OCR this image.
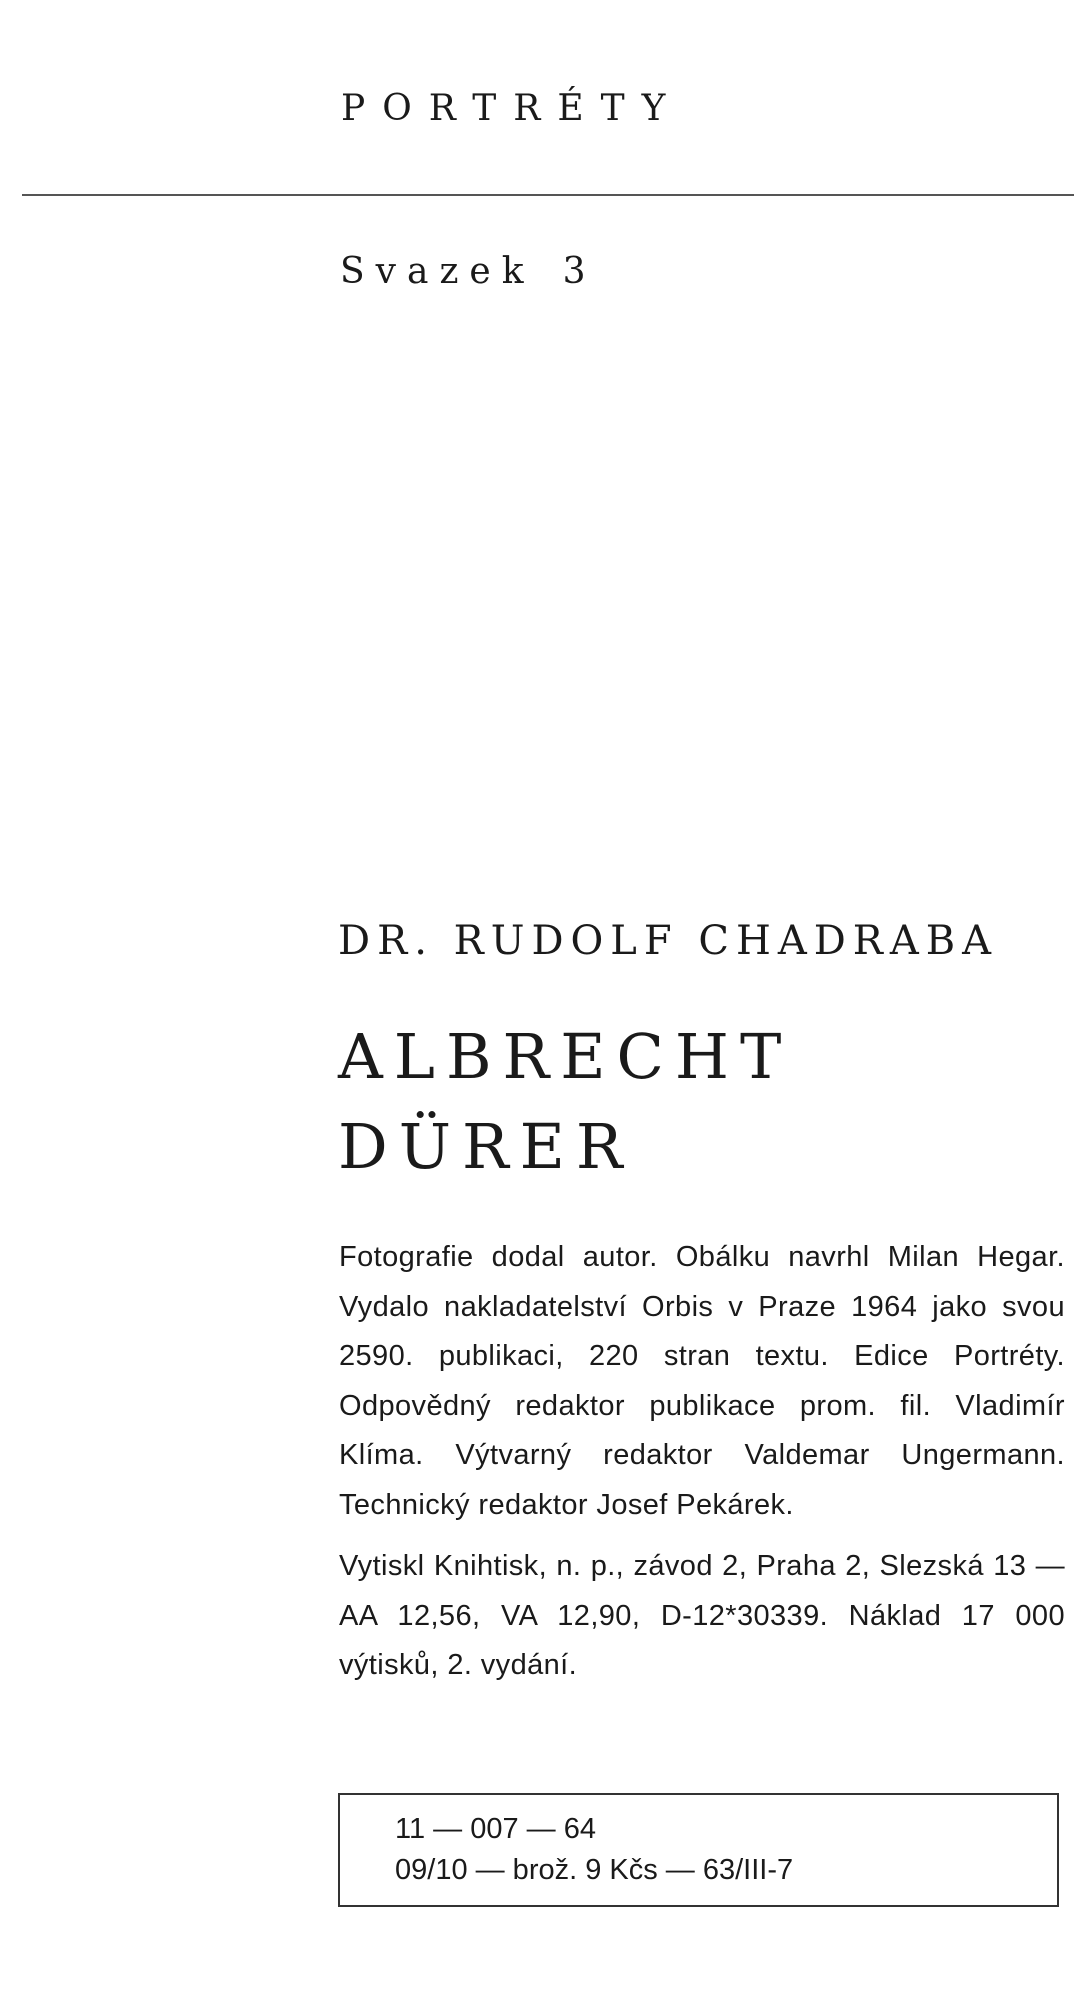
PORTRÉTY
Svazek 3
DR. RUDOLF CHADRABA
ALBRECHT
DÜRER

Fotografie dodal autor. Obálku navrhl Milan Hegar. Vydalo nakladatelství Orbis v Praze 1964 jako svou 2590. publikaci, 220 stran textu. Edice Portréty. Odpovědný redaktor publikace prom. fil. Vladimír Klíma. Výtvarný redaktor Valdemar Ungermann. Technický redaktor Josef Pekárek.

Vytiskl Knihtisk, n. p., závod 2, Praha 2, Slezská 13 — AA 12,56, VA 12,90, D-12*30339. Náklad 17 000 výtisků, 2. vydání.

11 — 007 — 64
09/10 — brož. 9 Kčs — 63/III-7
